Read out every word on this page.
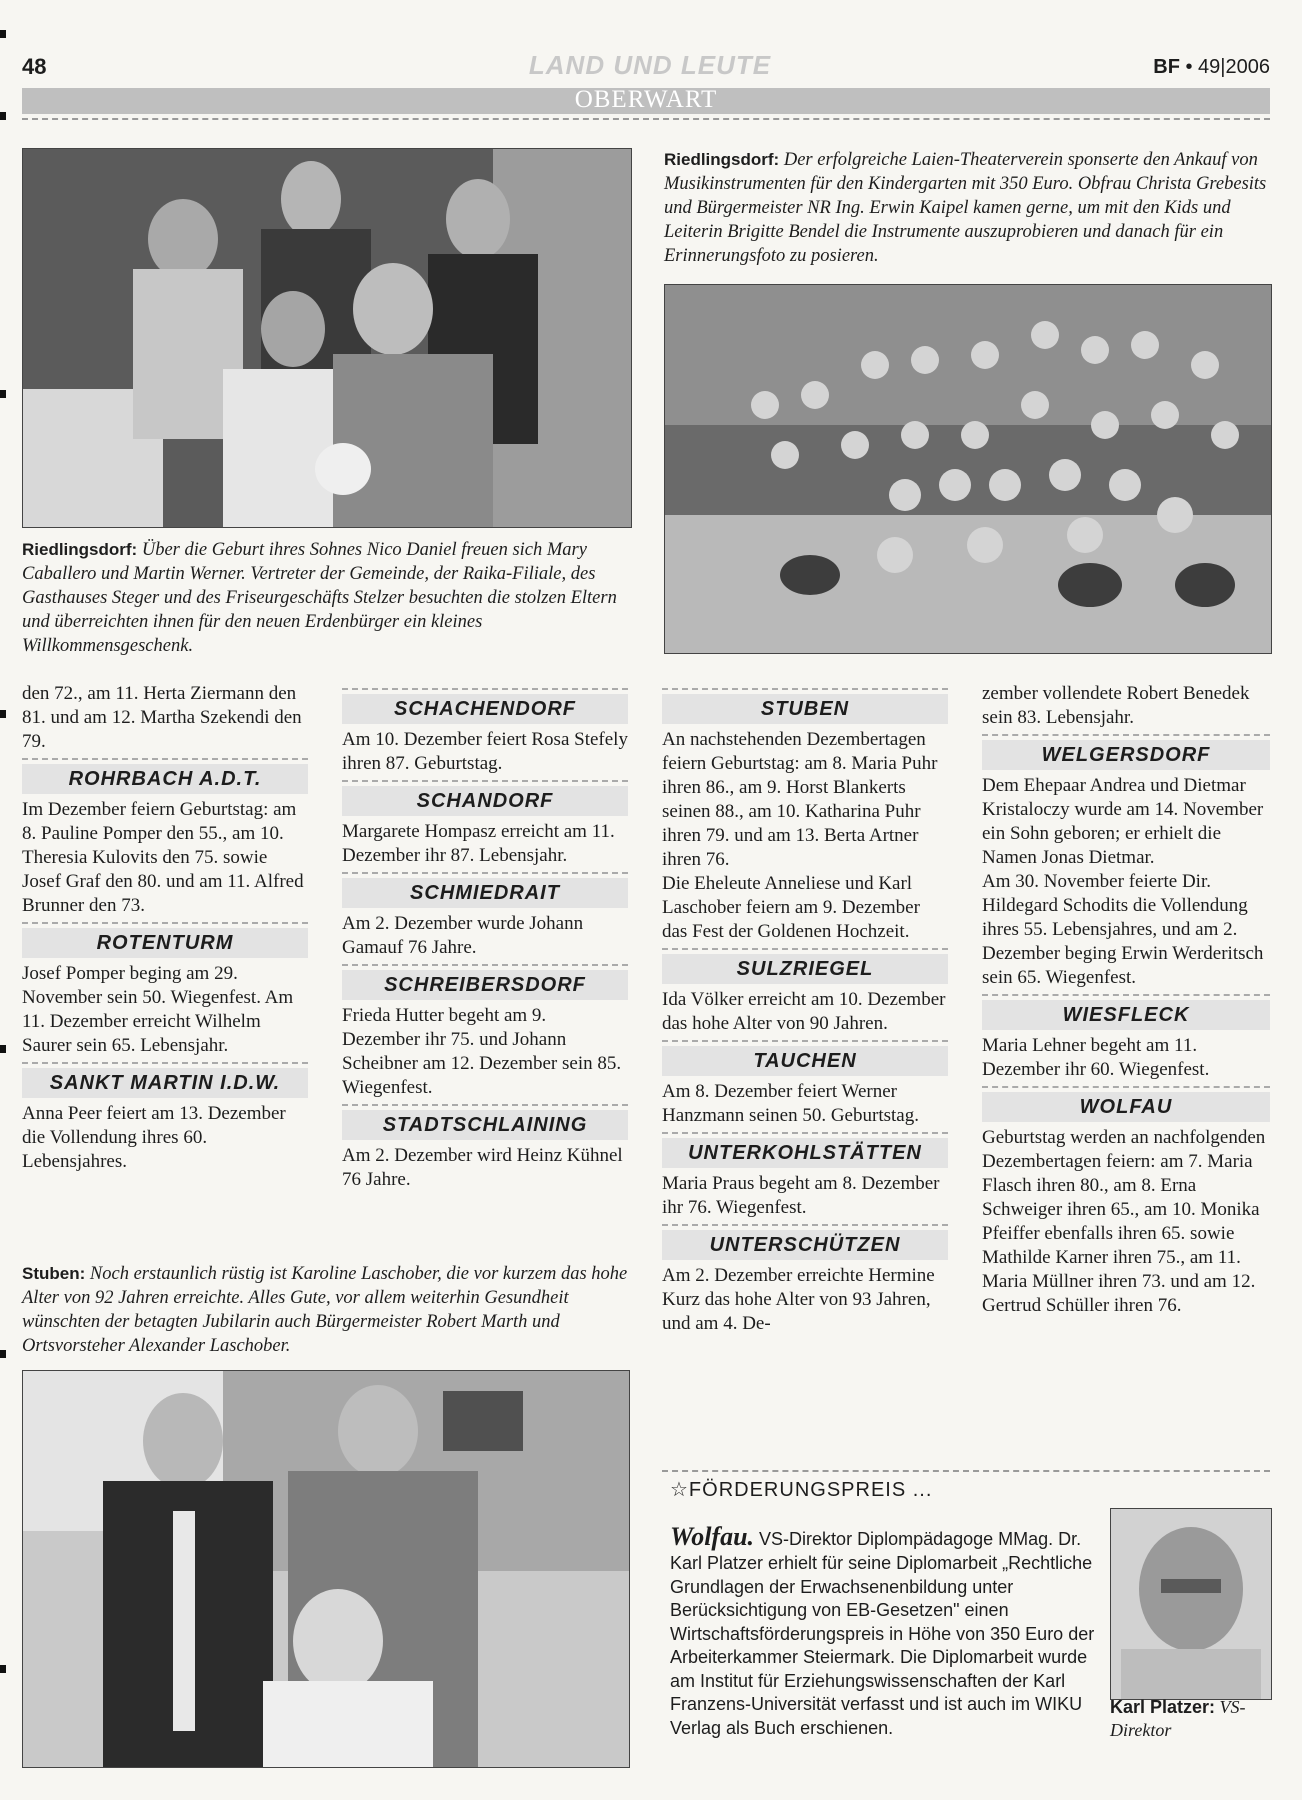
48	LAND UND LEUTE	BF • 49|2006
OBERWART
Riedlingsdorf: Der erfolgreiche Laien-Theaterverein sponserte den Ankauf von Musikinstrumenten für den Kindergarten mit 350 Euro. Obfrau Christa Grebesits und Bürgermeister NR Ing. Erwin Kaipel kamen gerne, um mit den Kids und Leiterin Brigitte Bendel die Instrumente auszuprobieren und danach für ein Erinnerungsfoto zu posieren.
Riedlingsdorf: Über die Geburt ihres Sohnes Nico Daniel freuen sich Mary Caballero und Martin Werner. Vertreter der Gemeinde, der Raika-Filiale, des Gasthauses Steger und des Friseurgeschäfts Stelzer besuchten die stolzen Eltern und überreichten ihnen für den neuen Erdenbürger ein kleines Willkommensgeschenk.

den 72., am 11. Herta Ziermann den 81. und am 12. Martha Szekendi den 79.

ROHRBACH A.D.T.

Im Dezember feiern Geburtstag: am 8. Pauline Pomper den 55., am 10. Theresia Kulovits den 75. sowie Josef Graf den 80. und am 11. Alfred Brunner den 73.

ROTENTURM

Josef Pomper beging am 29. November sein 50. Wiegenfest. Am 11. Dezember erreicht Wilhelm Saurer sein 65. Lebensjahr.

SANKT MARTIN I.D.W.

Anna Peer feiert am 13. Dezember die Vollendung ihres 60. Lebensjahres.

SCHACHENDORF

Am 10. Dezember feiert Rosa Stefely ihren 87. Geburtstag.

SCHANDORF

Margarete Hompasz erreicht am 11. Dezember ihr 87. Lebensjahr.

SCHMIEDRAIT

Am 2. Dezember wurde Johann Gamauf 76 Jahre.

SCHREIBERSDORF

Frieda Hutter begeht am 9. Dezember ihr 75. und Johann Scheibner am 12. Dezember sein 85. Wiegenfest.

STADTSCHLAINING

Am 2. Dezember wird Heinz Kühnel 76 Jahre.

STUBEN

An nachstehenden Dezembertagen feiern Geburtstag: am 8. Maria Puhr ihren 86., am 9. Horst Blankerts seinen 88., am 10. Katharina Puhr ihren 79. und am 13. Berta Artner ihren 76.

Die Eheleute Anneliese und Karl Laschober feiern am 9. Dezember das Fest der Goldenen Hochzeit.

SULZRIEGEL

Ida Völker erreicht am 10. Dezember das hohe Alter von 90 Jahren.

TAUCHEN

Am 8. Dezember feiert Werner Hanzmann seinen 50. Geburtstag.

UNTERKOHLSTÄTTEN

Maria Praus begeht am 8. Dezember ihr 76. Wiegenfest.

UNTERSCHÜTZEN

Am 2. Dezember erreichte Hermine Kurz das hohe Alter von 93 Jahren, und am 4. De-

zember vollendete Robert Benedek sein 83. Lebensjahr.

WELGERSDORF

Dem Ehepaar Andrea und Dietmar Kristaloczy wurde am 14. November ein Sohn geboren; er erhielt die Namen Jonas Dietmar.

Am 30. November feierte Dir. Hildegard Schodits die Vollendung ihres 55. Lebensjahres, und am 2. Dezember beging Erwin Werderitsch sein 65. Wiegenfest.

WIESFLECK

Maria Lehner begeht am 11. Dezember ihr 60. Wiegenfest.

WOLFAU

Geburtstag werden an nachfolgenden Dezembertagen feiern: am 7. Maria Flasch ihren 80., am 8. Erna Schweiger ihren 65., am 10. Monika Pfeiffer ebenfalls ihren 65. sowie Mathilde Karner ihren 75., am 11. Maria Müllner ihren 73. und am 12. Gertrud Schüller ihren 76.

Stuben: Noch erstaunlich rüstig ist Karoline Laschober, die vor kurzem das hohe Alter von 92 Jahren erreichte. Alles Gute, vor allem weiterhin Gesundheit wünschten der betagten Jubilarin auch Bürgermeister Robert Marth und Ortsvorsteher Alexander Laschober.
☆FÖRDERUNGSPREIS ...
Wolfau. VS-Direktor Diplompädagoge MMag. Dr. Karl Platzer erhielt für seine Diplomarbeit „Rechtliche Grundlagen der Erwachsenenbildung unter Berücksichtigung von EB-Gesetzen" einen Wirtschaftsförderungspreis in Höhe von 350 Euro der Arbeiterkammer Steiermark. Die Diplomarbeit wurde am Institut für Erziehungswissenschaften der Karl Franzens-Universität verfasst und ist auch im WIKU Verlag als Buch erschienen.
Karl Platzer: VS-Direktor
